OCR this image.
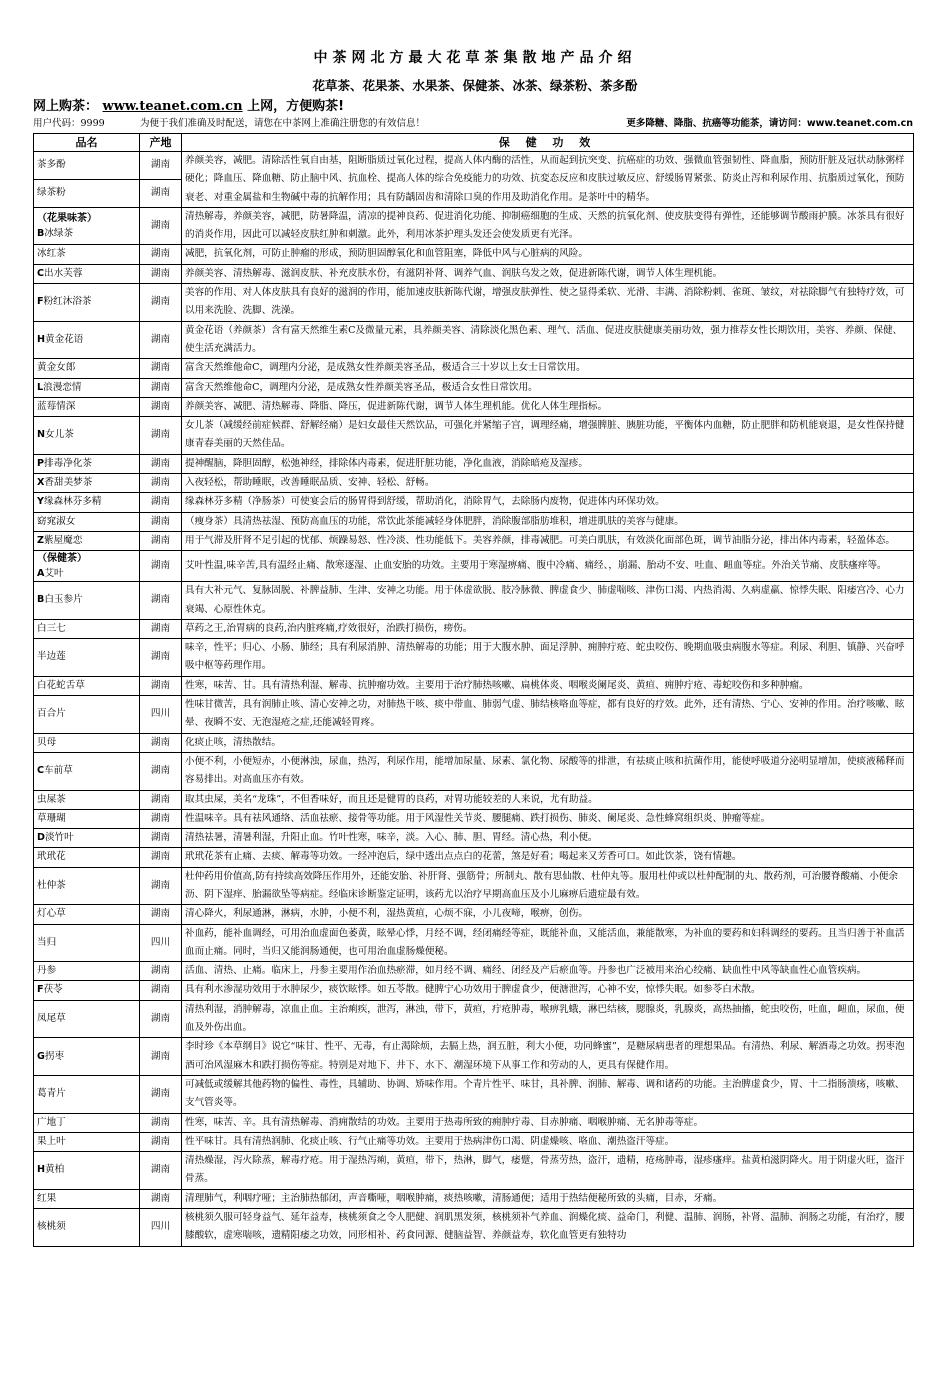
中茶网北方最大花草茶集散地产品介绍
花草茶、花果茶、水果茶、保健茶、冰茶、绿茶粉、茶多酚
网上购茶： www.teanet.com.cn 上网，方便购茶!
用户代码：9999	为便于我们准确及时配送，请您在中茶网上准确注册您的有效信息！	更多降糖、降脂、抗癌等功能茶，请访问：www.teanet.com.cn
品名	产地	保 健 功 效
茶多酚	湖南	养颜美容，减肥。清除活性氧自由基，阻断脂质过氧化过程，提高人体内酶的活性，从而起到抗突变、抗癌症的功效、强微血管强韧性、降血脂，预防肝脏及冠状动脉粥样硬化；降血压、降血糖、防止脑中风、抗血栓、提高人体的综合免疫能力的功效、抗変态反应和皮肤过敏反应、舒缓肠胃紧张、防炎止泻和利尿作用、抗脂质过氧化，预防衰老、对重金属盐和生物碱中毒的抗解作用；具有防龋固齿和清除口臭的作用及助消化作用。是茶叶中的精华。
绿茶粉	湖南	

（花果味茶）
B冰绿茶	湖南	清热解毒，养颜美容，减肥，防暑降温，清凉的提神良药、促进消化功能、抑制癌细胞的生成、天然的抗氧化剂、使皮肤变得有弹性，还能够调节酸雨护膜。冰茶具有很好的消炎作用，因此可以减轻皮肤红肿和刺激。此外，利用冰茶护理头发还会使发质更有光泽。
冰红茶	湖南	减肥，抗氧化剂，可防止肿瘤的形成，预防胆固醇氧化和血管阻塞，降低中风与心脏病的风险。
C出水芙蓉	湖南	养颜美容、清热解毒、滋润皮肤、补充皮肤水份，有滋阴补肾、调养气血、润肤乌发之效，促进新陈代谢，调节人体生理机能。
F粉红沐浴茶	湖南	美容的作用、对人体皮肤具有良好的滋润的作用，能加速皮肤新陈代谢，增强皮肤弹性、使之显得柔软、光滑、丰满、消除粉刺、雀斑、皱纹，对祛除脚气有独特疗效，可以用来洗脸、洗脚、洗澡。
H黄金花语	湖南	黄金花语（养颜茶）含有富天然维生素C及微量元素，具养颜美容、清除淡化黑色素、理气、活血、促进皮肤健康美丽功效，强力推荐女性长期饮用，美容、养颜、保健、使生活充满活力。
黄金女郎	湖南	富含天然维他命C，调理内分泌，是成熟女性养颜美容圣品，极适合三十岁以上女士日常饮用。
L浪漫恋情	湖南	富含天然维他命C，调理内分泌，是成熟女性养颜美容圣品，极适合女性日常饮用。
蓝莓情深	湖南	养颜美容、减肥、清热解毒、降脂、降压，促进新陈代谢，调节人体生理机能。优化人体生理指标。
N女儿茶	湖南	女儿茶（减缓经前症候群、舒解经痛）是妇女最佳天然饮品，可强化并紧缩子宫，调理经痛，增强脾脏、胰脏功能，平衡体内血糖，防止肥胖和防机能衰退，是女性保持健康青春美丽的天然佳品。
P排毒净化茶	湖南	提神醒脑，降胆固醇，松弛神经，排除体内毒素，促进肝脏功能，净化血液，消除暗疮及湿疹。
X香甜美梦茶	湖南	入夜轻松，帮助睡眠，改善睡眠品质、安神、轻松、舒畅。
Y缘森林芬多精	湖南	缘森林芬多精（净肠茶）可使宴会后的肠胃得到舒缓，帮助消化，消除胃气，去除肠内废物，促进体内环保功效。
窈窕淑女	湖南	（瘦身茶）具清热祛湿、预防高血压的功能，常饮此茶能减轻身体肥胖，消除腹部脂肪堆积，增进肌肤的美容与健康。
Z紫屋魔恋	湖南	用于气滞及肝肾不足引起的忧郁、烦躁易怒、性冷淡、性功能低下。美容养颜，排毒减肥。可美白肌肤，有效淡化面部色斑，调节油脂分泌，排出体内毒素，轻盈体态。

（保健茶）
A艾叶	湖南	艾叶性温,味辛苦,具有温经止痛、散寒逐湿、止血安胎的功效。主要用于寒湿痹痛、腹中冷痛、痛经、，崩漏、胎动不安、吐血、衄血等症。外治关节痛、皮肤瘙痒等。
B白玉参片	湖南	具有大补元气、复脉固脱、补脾益肺、生津、安神之功能。用于体虚欲脱、肢冷脉微、脾虚食少、肺虚喘咳、津伤口渴、内热消渴、久病虚羸、惊悸失眠、阳痿宫冷、心力衰竭、心原性休克。
白三七	湖南	草药之王,治胃病的良药,治内脏疼痛,疗效很好，治跌打损伤，痨伤。
半边莲	湖南	味辛，性平；归心、小肠、肺经；具有利尿消肿、清热解毒的功能；用于大腹水肿、面足浮肿、痈肿疔疮、蛇虫咬伤、晚期血吸虫病腹水等症。利尿、利胆、镇静、兴奋呼吸中枢等药理作用。
白花蛇舌草	湖南	性寒，味苦、甘。具有清热利湿、解毒、抗肿瘤功效。主要用于治疗肺热咳嗽、扁桃体炎、咽喉炎阑尾炎、黄疸、痈肿疔疮、毒蛇咬伤和多种肿瘤。
百合片	四川	性味甘微苦，具有润肺止咳、清心安神之功，对肺热干咳、痰中带血、肺弱气虚、肺结核咯血等症，都有良好的疗效。此外，还有清热、宁心、安神的作用。治疗咳嗽、眩晕、夜瞬不安、无泡湿疮之症,还能减轻胃疼。
贝母	湖南	化痰止咳，清热散结。
C车前草	湖南	小便不利，小便短赤，小便淋浊，尿血，热泻，利尿作用，能增加尿量、尿素、氯化物、尿酸等的排泄，有祛痰止咳和抗菌作用，能使呼吸道分泌明显增加，使痰液稀释而容易排出。对高血压亦有效。
虫屎茶	湖南	取其虫屎，美名“龙珠”，不但香味好，而且还是健胃的良药，对胃功能较差的人来说，尤有助益。
草珊瑚	湖南	性温味辛。具有祛风通络、活血祛瘀、接骨等功能。用于风湿性关节炎、腰腿痛、跌打损伤、肺炎、阑尾炎、急性蜂窝组织炎、肿瘤等症。
D淡竹叶	湖南	清热祛暑，清暑利湿，升阳止血。竹叶性寒，味辛，淡。入心、肺、胆、胃经。清心热，利小便。
玳玳花	湖南	玳玳花茶有止痛、去痰、解毒等功效。一经冲泡后，绿中透出点点白的花蕾，煞是好看；喝起来又芳香可口。如此饮茶，饶有情趣。
杜仲茶	湖南	杜仲药用价值高,防有持续高效降压作用外，还能安胎、补肝肾、强筋骨；所制丸、散有思仙散、杜仲丸等。服用杜仲或以杜仲配制的丸、散药剂，可治腰脊酸痛、小便余沥、阴下湿痒、胎漏欲坠等病症。经临床诊断鉴定证明，该药尤以治疗早期高血压及小儿麻痹后遗症最有效。
灯心草	湖南	清心降火，利尿通淋，淋病，水肿，小便不利，湿热黄疸，心烦不寐，小儿夜啼，喉痹，创伤。
当归	四川	补血药，能补血调经，可用治血虚面色萎黄，眩晕心悸，月经不调，经闭痛经等症，既能补血，又能活血，兼能散寒，为补血的要药和妇科调经的要药。且当归善于补血活血而止痛。同时，当归又能润肠通便，也可用治血虚肠燥便秘。
丹参	湖南	活血、清热、止痛。临床上，丹参主要用作治血热瘀滞，如月经不调、痛经、闭经及产后瘀血等。丹参也广泛被用来治心绞痛、缺血性中风等缺血性心血管疾病。
F茯苓	湖南	具有利水渗湿功效用于水肿尿少，痰饮眩悸。如五苓散。健脾宁心功效用于脾虚食少，便溏泄泻，心神不安，惊悸失眠。如参苓白术散。
凤尾草	湖南	清热利湿，消肿解毒，凉血止血。主治痢疾，泄泻，淋浊，带下，黄疸，疔疮肿毒，喉痹乳蛾，淋巴结核，腮腺炎，乳腺炎，高热抽搐，蛇虫咬伤，吐血，衄血，尿血，便血及外伤出血。
G拐枣	湖南	李时珍《本草纲目》说它“味甘、性平、无毒，有止渴除烦，去膈上热，润五脏，利大小便，功同蜂蜜”，是糖尿病患者的理想果品。有清热、利尿、解酒毒之功效。拐枣泡酒可治风湿麻木和跌打损伤等症。特别是对地下、井下、水下、潮湿环境下从事工作和劳动的人，更具有保健作用。
葛青片	湖南	可减低或缓解其他药物的偏性、毒性，具辅助、协调、矫味作用。个青片性平、味甘，具补脾、润肺、解毒、调和诸药的功能。主治脾虚食少，胃、十二指肠溃疡，咳嗽、支气管炎等。
广地丁	湖南	性寒，味苦、辛。具有清热解毒、消痈散结的功效。主要用于热毒所致的痈肿疔毒、目赤肿痛、咽喉肿痛、无名肿毒等症。
果上叶	湖南	性平味甘。具有清热润肺、化痰止咳、行气止痛等功效。主要用于热病津伤口渴、阴虚燥咳、咯血、潮热盗汗等症。
H黄柏	湖南	清热燥湿，泻火除蒸，解毒疗疮。用于湿热泻痢，黄疸，带下，热淋，脚气，痿躄，骨蒸劳热，盗汗，遗精，疮疡肿毒，湿疹瘙痒。盐黄柏滋阴降火。用于阴虚火旺，盗汗骨蒸。
红果	湖南	清理肺气，利咽疗哑；主治肺热郁闭，声音嘶哑，咽喉肿痛，痰热咳嗽，清肠通便；适用于热结便秘所致的头痛，目赤，牙痛。
核桃须	四川	核桃须久服可轻身益气、延年益寿，核桃须食之令人肥健、润肌黑发须，核桃须补气养血、润燥化痰、益命门，利健、温肺、润肠，补肾、温肺、润肠之功能，有治疗，腰膝酸软，虚寒喘咳，遗精阳痿之功效，同形相补、药食同源、健脑益智、养颜益寿，软化血管更有独特功
